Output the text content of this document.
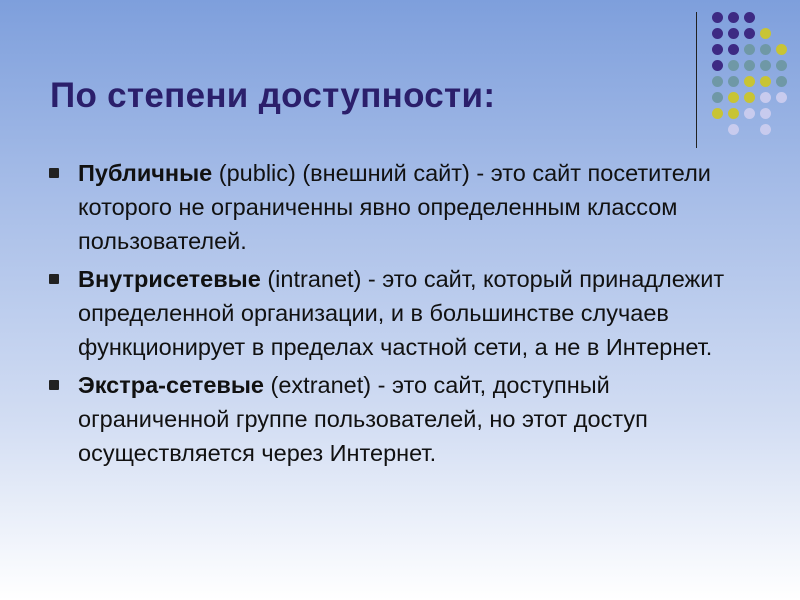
По степени доступности:
Публичные (public) (внешний сайт) - это сайт посетители которого не ограниченны явно определенным классом пользователей.
Внутрисетевые (intranet) - это сайт, который принадлежит определенной организации, и в большинстве случаев функционирует в пределах частной сети, а не в Интернет.
Экстра-сетевые (extranet) - это сайт, доступный ограниченной группе пользователей, но этот доступ осуществляется через Интернет.
